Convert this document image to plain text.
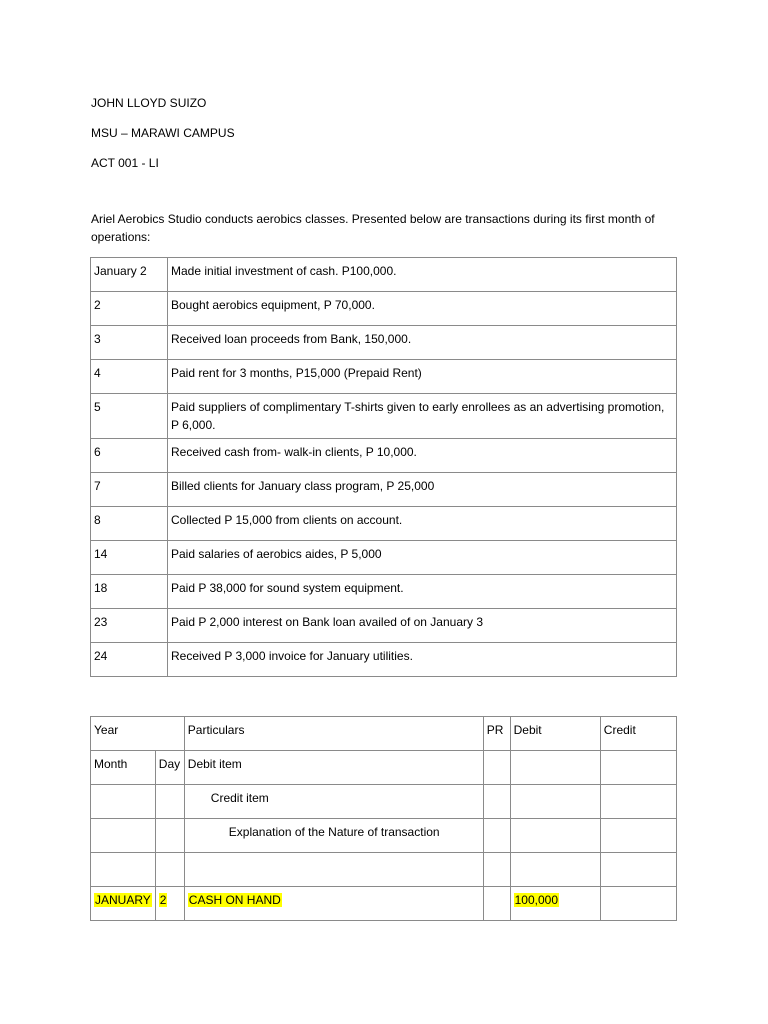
JOHN LLOYD SUIZO

MSU – MARAWI CAMPUS

ACT 001 - LI

Ariel Aerobics Studio conducts aerobics classes. Presented below are transactions during its first month of operations:

January 2	Made initial investment of cash. P100,000.
2	Bought aerobics equipment, P 70,000.
3	Received loan proceeds from Bank, 150,000.
4	Paid rent for 3 months, P15,000 (Prepaid Rent)
5	Paid suppliers of complimentary T-shirts given to early enrollees as an advertising promotion, P 6,000.
6	Received cash from- walk-in clients, P 10,000.
7	Billed clients for January class program, P 25,000
8	Collected P 15,000 from clients on account.
14	Paid salaries of aerobics aides, P 5,000
18	Paid P 38,000 for sound system equipment.
23	Paid P 2,000 interest on Bank loan availed of on January 3
24	Received P 3,000 invoice for January utilities.
Year		Particulars	PR	Debit	Credit
Month	Day	Debit item			
		Credit item			
		Explanation of the Nature of transaction			

JANUARY	2	CASH ON HAND		100,000	
